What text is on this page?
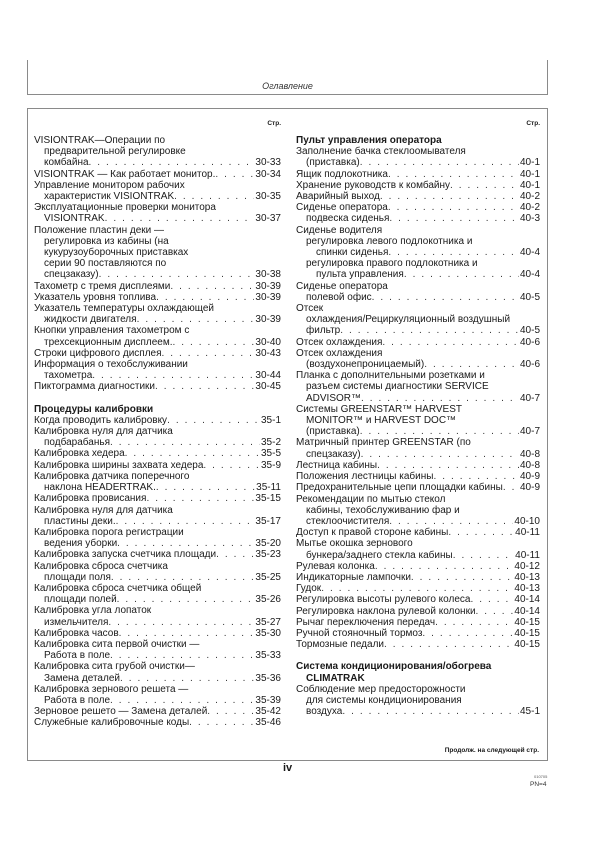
Оглавление
Стр.
VISIONTRAK—Операции по
предварительной регулировке
комбайна . . .	30-33
VISIONTRAK — Как работает монитор. . . .	30-34
Управление монитором рабочих
характеристик VISIONTRAK . . .	30-35
Эксплуатационные проверки монитора
VISIONTRAK . . .	30-37
Положение пластин деки —
регулировка из кабины (на
кукурузоуборочных приставках
серии 90 поставляются по
спецзаказу) . . .	30-38
Тахометр с тремя дисплеями . . .	30-39
Указатель уровня топлива . . .	30-39
Указатель температуры охлаждающей
жидкости двигателя . . .	30-39
Кнопки управления тахометром с
трехсекционным дисплеем. . . .	30-40
Строки цифрового дисплея . . .	30-43
Информация о техобслуживании
тахометра . . .	30-44
Пиктограмма диагностики . . .	30-45
Процедуры калибровки
Когда проводить калибровку . . .	35-1
Калибровка нуля для датчика
подбарабанья . . .	35-2
Калибровка хедера . . .	35-5
Калибровка ширины захвата хедера . . .	35-9
Калибровка датчика поперечного
наклона HEADERTRAK. . . .	35-11
Калибровка провисания . . .	35-15
Калибровка нуля для датчика
пластины деки. . . .	35-17
Калибровка порога регистрации
ведения уборки . . .	35-20
Калибровка запуска счетчика площади . . .	35-23
Калибровка сброса счетчика
площади поля . . .	35-25
Калибровка сброса счетчика общей
площади полей . . .	35-26
Калибровка угла лопаток
измельчителя . . .	35-27
Калибровка часов . . .	35-30
Калибровка сита первой очистки —
Работа в поле . . .	35-33
Калибровка сита грубой очистки—
Замена деталей . . .	35-36
Калибровка зернового решета —
Работа в поле . . .	35-39
Зерновое решето — Замена деталей . . .	35-42
Служебные калибровочные коды . . .	35-46
Стр.
Пульт управления оператора
Заполнение бачка стеклоомывателя
(приставка) . . .	40-1
Ящик подлокотника . . .	40-1
Хранение руководств к комбайну . . .	40-1
Аварийный выход . . .	40-2
Сиденье оператора . . .	40-2
подвеска сиденья . . .	40-3
Сиденье водителя
регулировка левого подлокотника и
спинки сиденья . . .	40-4
регулировка правого подлокотника и
пульта управления . . .	40-4
Сиденье оператора
полевой офис . . .	40-5
Отсек
охлаждения/Рециркуляционный воздушный
фильтр . . .	40-5
Отсек охлаждения . . .	40-6
Отсек охлаждения
(воздухонепроницаемый) . . .	40-6
Планка с дополнительными розетками и
разъем системы диагностики SERVICE
ADVISOR™ . . .	40-7
Системы GREENSTAR™ HARVEST
MONITOR™ и HARVEST DOC™
(приставка) . . .	40-7
Матричный принтер GREENSTAR (по
спецзаказу) . . .	40-8
Лестница кабины . . .	40-8
Положения лестницы кабины . . .	40-9
Предохранительные цепи площадки кабины . . . 40-9
Рекомендации по мытью стекол
кабины, техобслуживанию фар и
стеклоочистителя . . .	40-10
Доступ к правой стороне кабины . . .	40-11
Мытье окошка зернового
бункера/заднего стекла кабины . . .	40-11
Рулевая колонка . . .	40-12
Индикаторные лампочки . . .	40-13
Гудок . . .	40-13
Регулировка высоты рулевого колеса . . .	40-14
Регулировка наклона рулевой колонки . . .	40-14
Рычаг переключения передач . . .	40-15
Ручной стояночный тормоз . . .	40-15
Тормозные педали . . .	40-15
Система кондиционирования/обогрева
CLIMATRAK
Соблюдение мер предосторожности
для системы кондиционирования
воздуха . . .	45-1
Продолж. на следующей стр.
iv
010705
PN=4
